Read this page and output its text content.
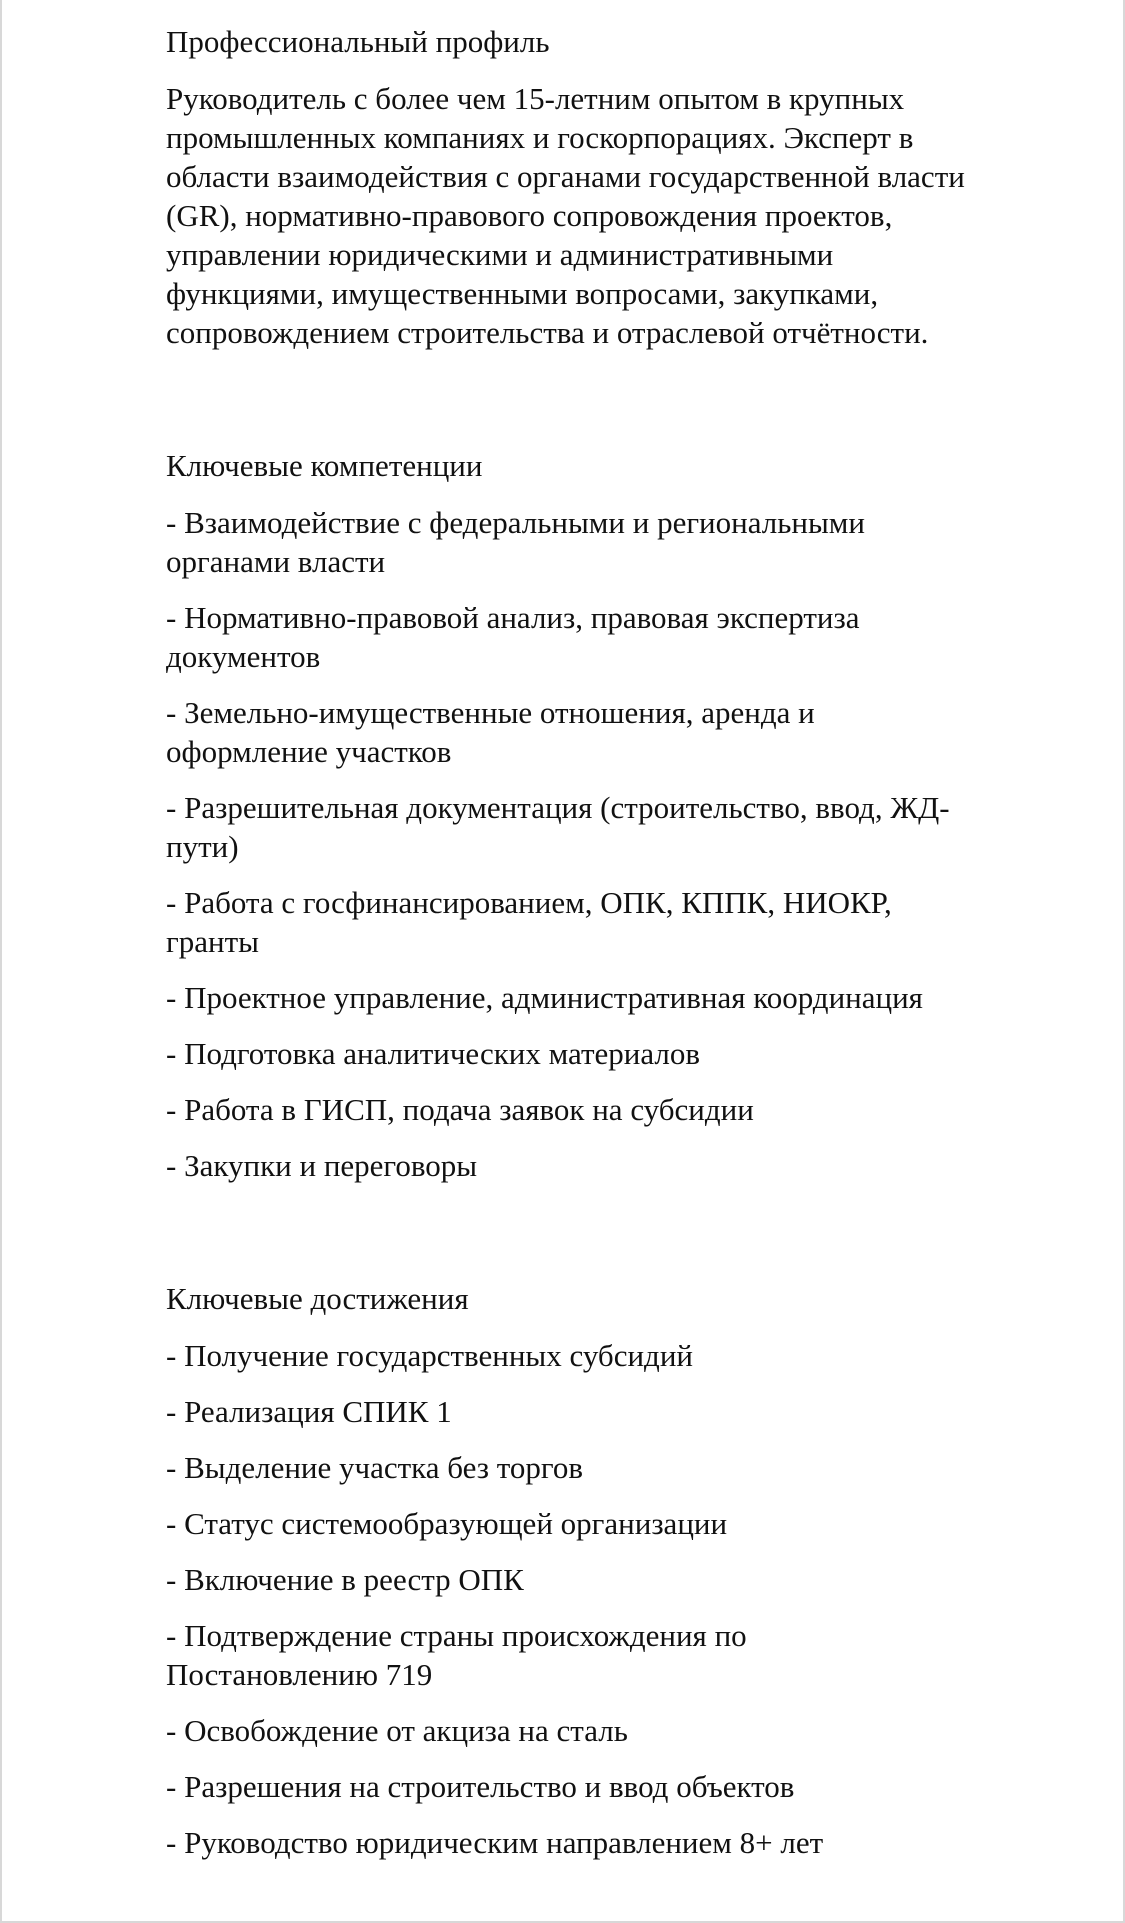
Профессиональный профиль

Руководитель с более чем 15-летним опытом в крупных промышленных компаниях и госкорпорациях. Эксперт в области взаимодействия с органами государственной власти (GR), нормативно-правового сопровождения проектов, управлении юридическими и административными функциями, имущественными вопросами, закупками, сопровождением строительства и отраслевой отчётности.

Ключевые компетенции
- Взаимодействие с федеральными и региональными органами власти
- Нормативно-правовой анализ, правовая экспертиза документов
- Земельно-имущественные отношения, аренда и оформление участков
- Разрешительная документация (строительство, ввод, ЖД-пути)
- Работа с госфинансированием, ОПК, КППК, НИОКР, гранты
- Проектное управление, административная координация
- Подготовка аналитических материалов
- Работа в ГИСП, подача заявок на субсидии
- Закупки и переговоры
Ключевые достижения
- Получение государственных субсидий
- Реализация СПИК 1
- Выделение участка без торгов
- Статус системообразующей организации
- Включение в реестр ОПК
- Подтверждение страны происхождения по Постановлению 719
- Освобождение от акциза на сталь
- Разрешения на строительство и ввод объектов
- Руководство юридическим направлением 8+ лет
